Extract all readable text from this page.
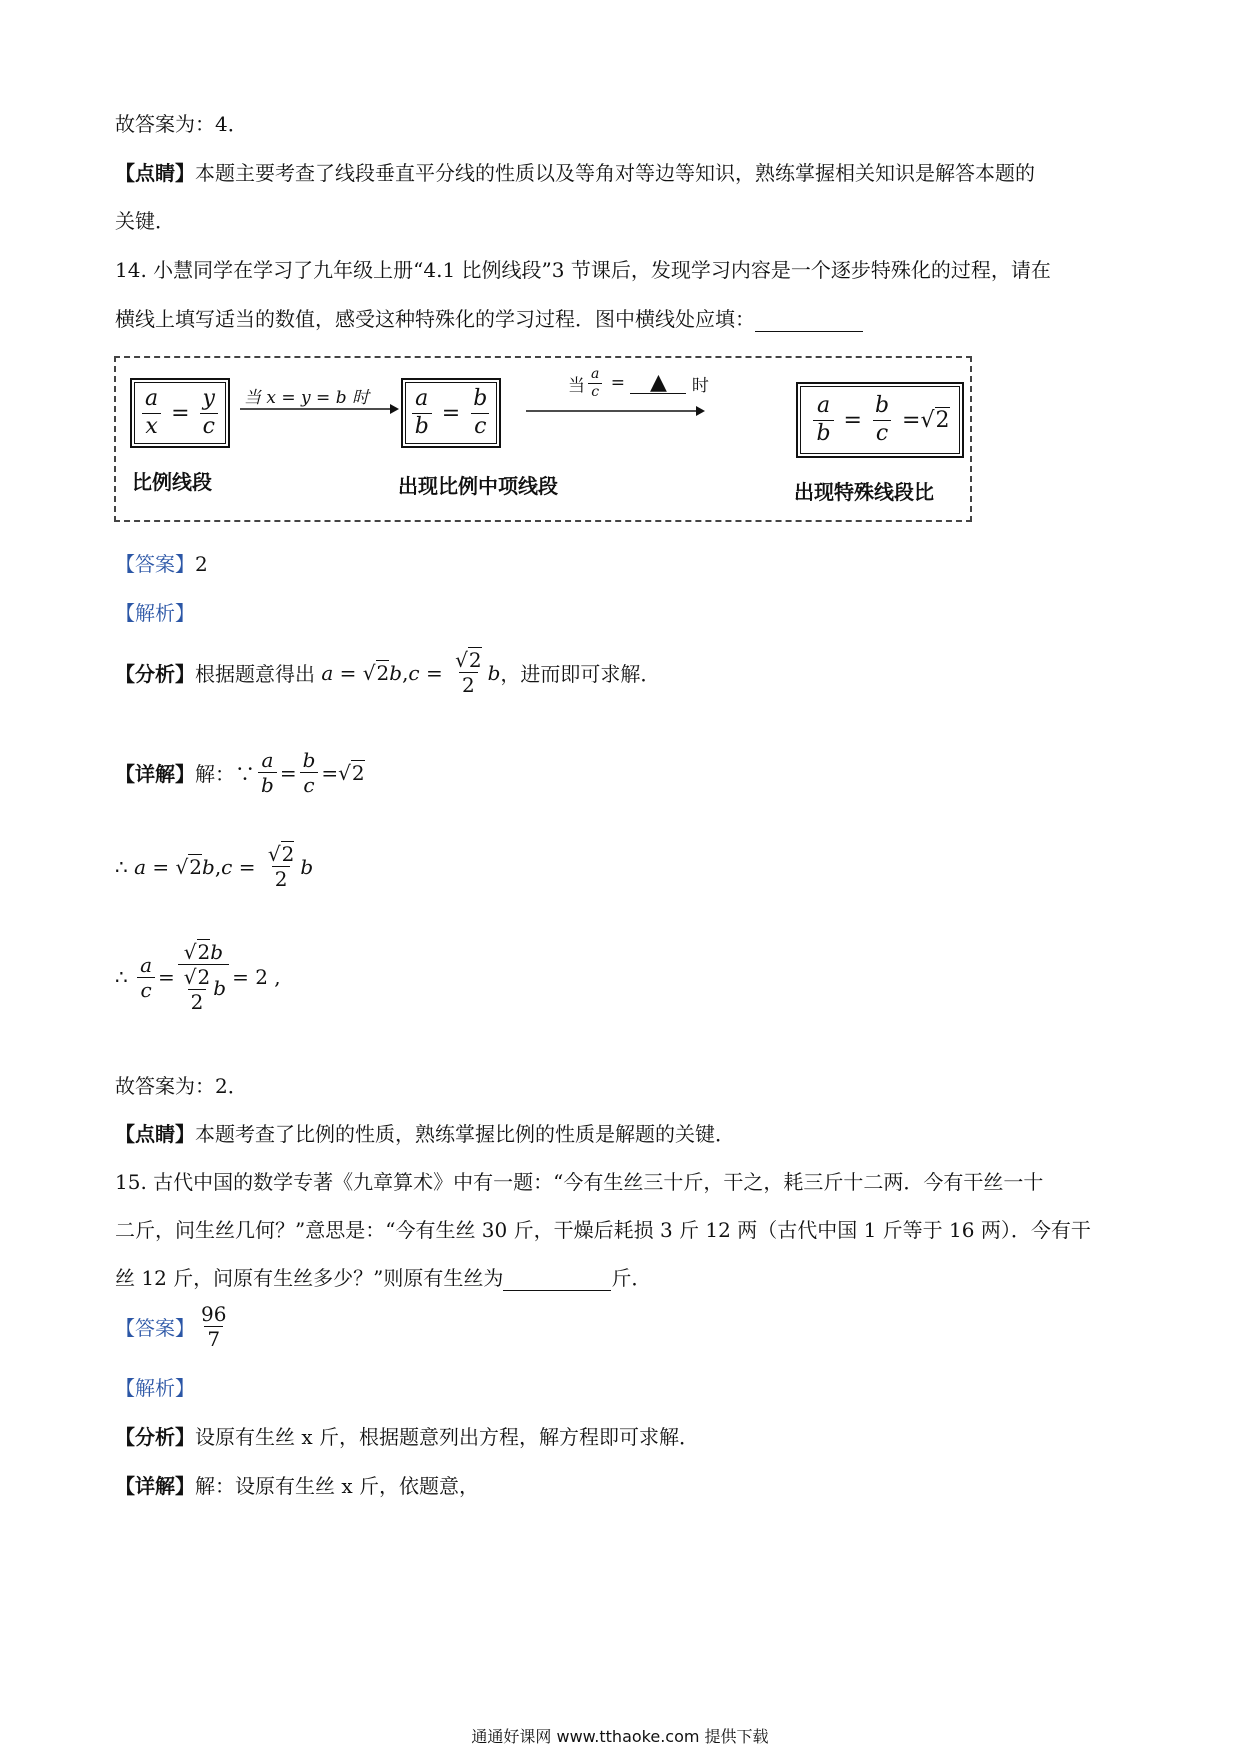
故答案为：4．
【点睛】本题主要考查了线段垂直平分线的性质以及等角对等边等知识，熟练掌握相关知识是解答本题的
关键．
14. 小慧同学在学习了九年级上册“4.1 比例线段”3 节课后，发现学习内容是一个逐步特殊化的过程，请在
横线上填写适当的数值，感受这种特殊化的学习过程．图中横线处应填：
$\frac{a}{x} = \frac{y}{c}$
比例线段
当 x = y = b 时 $\frac{a}{b} = \frac{b}{c}$
出现比例中项线段
当 $\frac{a}{c}$ = ▲
	时
$\frac{a}{b} = \frac{b}{c} = √2$
出现特殊线段比
【答案】2
【解析】
【分析】 根据题意得出 a = √2 b , $c = \frac{√2}{2}$ b ，进而即可求解．
【详解】 解：∵ $\frac{a}{b} = \frac{b}{c} = √2$
∴ a = √2 b , $c = \frac{√2}{2}$ b
∴ $\frac{a}{c} = \frac{√2b}{\frac{√2}{2} b} = 2$ ,
故答案为：2．
【点睛】本题考查了比例的性质，熟练掌握比例的性质是解题的关键．
15. 古代中国的数学专著《九章算术》中有一题：“今有生丝三十斤，干之，耗三斤十二两．今有干丝一十
二斤，问生丝几何？”意思是：“今有生丝 30 斤，干燥后耗损 3 斤 12 两（古代中国 1 斤等于 16 两）．今有干
丝 12 斤，问原有生丝多少？”则原有生丝为	斤．
【答案】 $\frac{96}{7}$
【解析】
【分析】设原有生丝 x 斤，根据题意列出方程，解方程即可求解．
【详解】解：设原有生丝 x 斤，依题意，
通通好课网 www.tthaoke.com 提供下载
